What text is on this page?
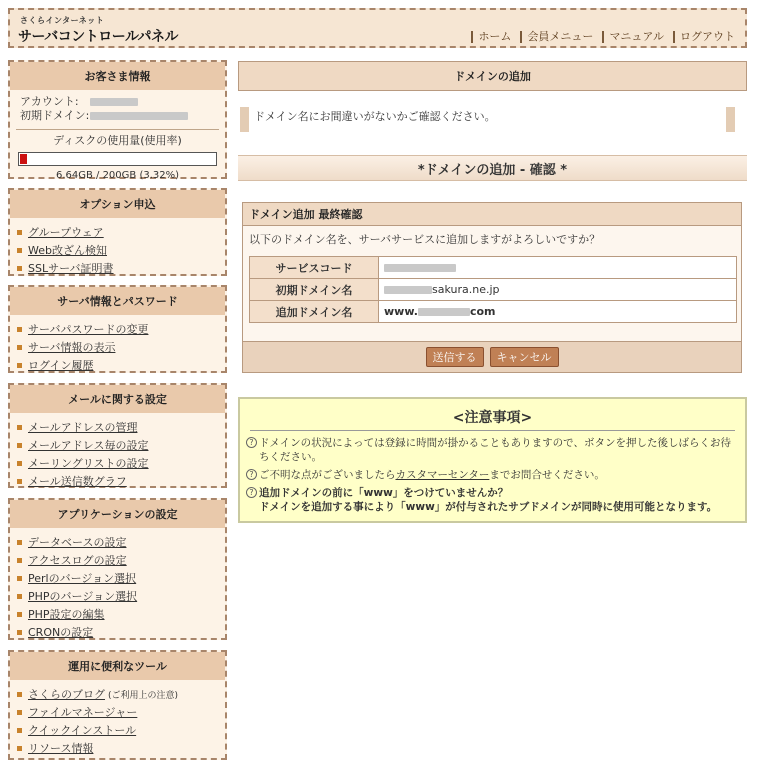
さくらインターネット
サーバコントロールパネル	ホーム	会員メニュー	マニュアル	ログアウト
お客さま情報
アカウント:
初期ドメイン:
ディスクの使用量(使用率)
6.64GB / 200GB (3.32%)
オプション申込
グループウェア
Web改ざん検知
SSLサーバ証明書
サーバ情報とパスワード
サーバパスワードの変更
サーバ情報の表示
ログイン履歴
メールに関する設定
メールアドレスの管理
メールアドレス毎の設定
メーリングリストの設定
メール送信数グラフ
アプリケーションの設定
データベースの設定
アクセスログの設定
Perlのバージョン選択
PHPのバージョン選択
PHP設定の編集
CRONの設定
運用に便利なツール
さくらのブログ (ご利用上の注意)
ファイルマネージャー
クイックインストール
リソース情報
ドメインの追加
ドメイン名にお間違いがないかご確認ください。
*ドメインの追加 - 確認 *
ドメイン追加 最終確認
以下のドメイン名を、サーバサービスに追加しますがよろしいですか？
サービスコード	
初期ドメイン名	sakura.ne.jp
追加ドメイン名	www. com
送信する	キャンセル
<注意事項>
? ドメインの状況によっては登録に時間が掛かることもありますので、ボタンを押した後しばらくお待ちください。
? ご不明な点がございましたらカスタマーセンターまでお問合せください。
? 追加ドメインの前に「www」をつけていませんか？
ドメインを追加する事により「www」が付与されたサブドメインが同時に使用可能となります。
